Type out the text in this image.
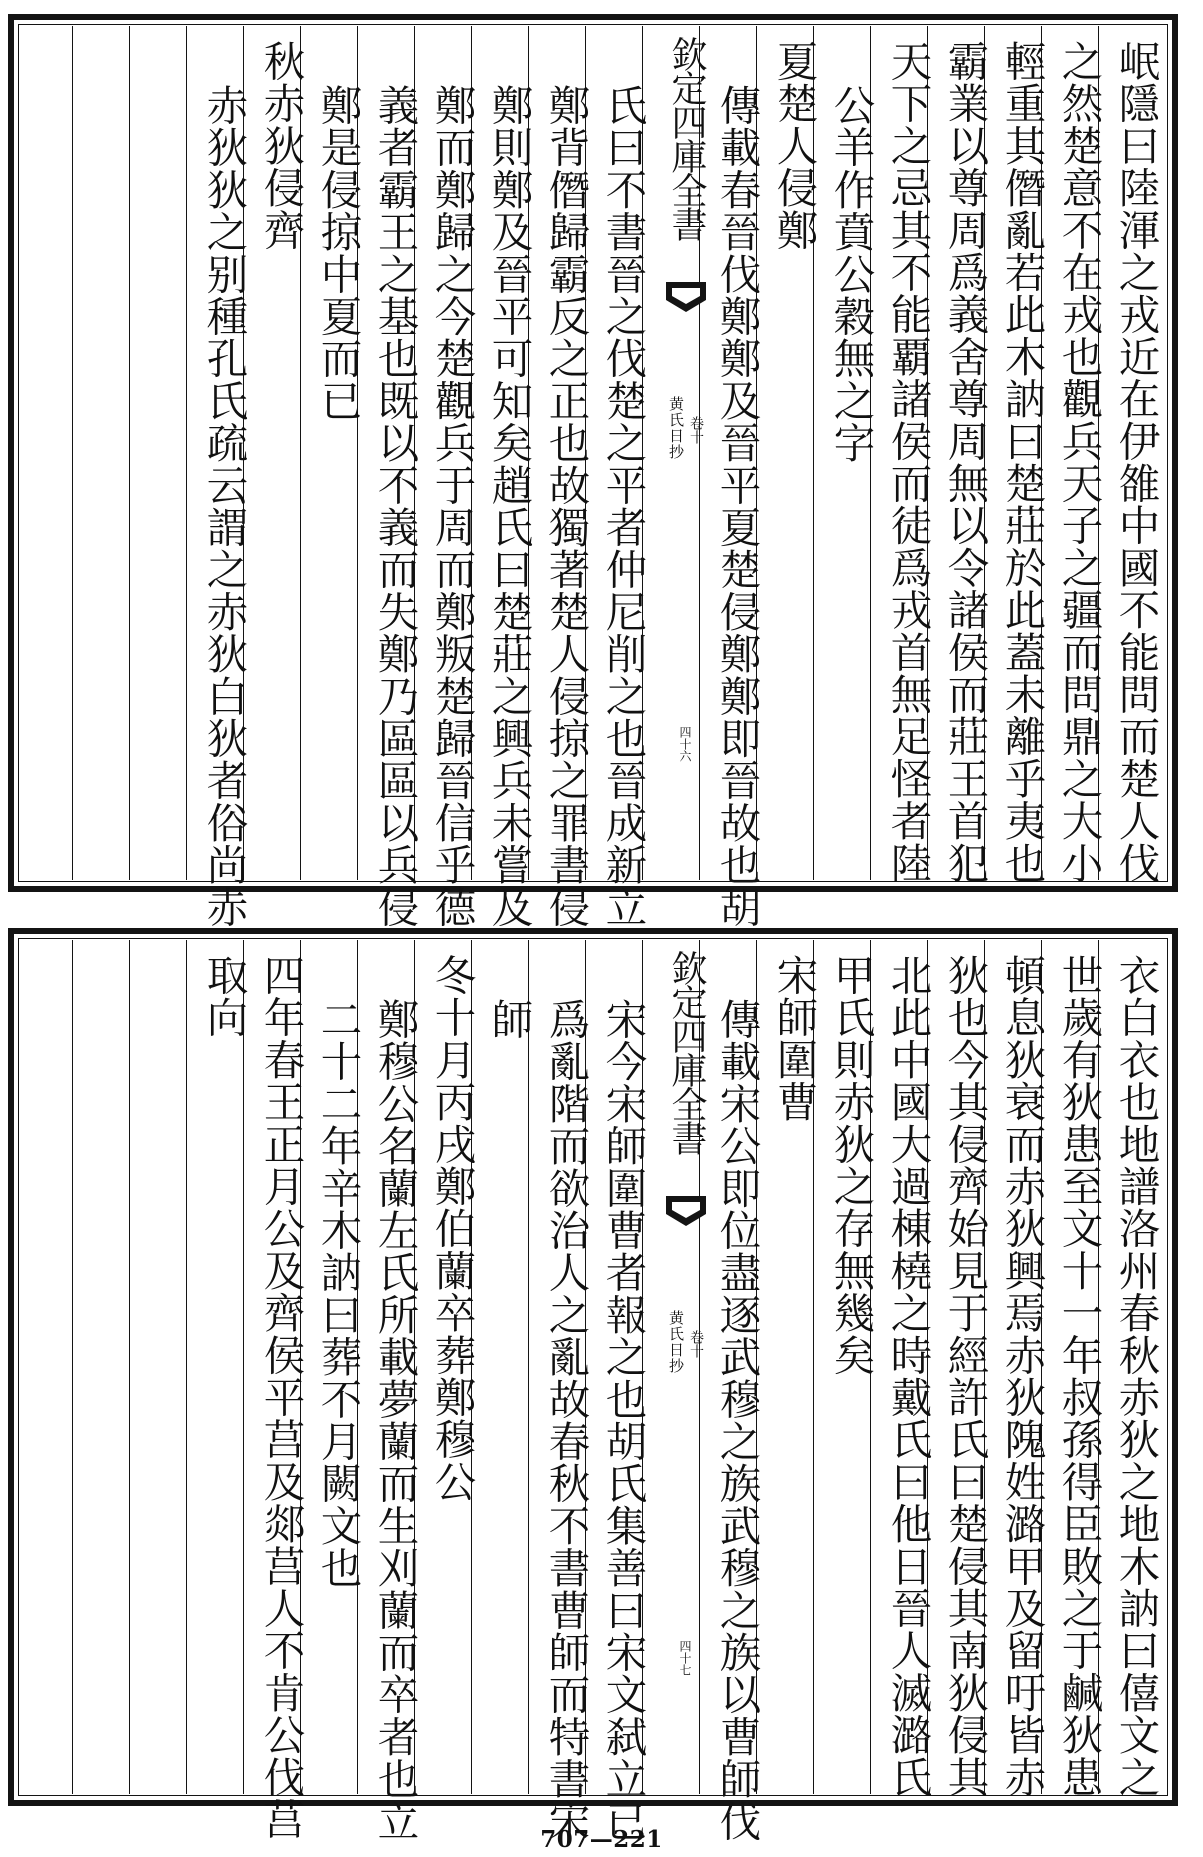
岷隱曰陸渾之戎近在伊雒中國不能問而楚人伐
之然楚意不在戎也觀兵天子之疆而問鼎之大小
輕重其僭亂若此木訥曰楚莊於此蓋未離乎夷也
霸業以尊周爲義舍尊周無以令諸侯而莊王首犯
天下之忌其不能覇諸侯而徒爲戎首無足怪者陸
公羊作賁公穀無之字
夏楚人侵鄭
傳載春晉伐鄭鄭及晉平夏楚侵鄭鄭即晉故也胡
欽定四庫全書
黄氏日抄 卷十
四十六
氏曰不書晉之伐楚之平者仲尼削之也晉成新立
鄭背僭歸霸反之正也故獨著楚人侵掠之罪書侵
鄭則鄭及晉平可知矣趙氏曰楚莊之興兵未嘗及
鄭而鄭歸之今楚觀兵于周而鄭叛楚歸晉信乎德
義者霸王之基也既以不義而失鄭乃區區以兵侵
鄭是侵掠中夏而已
秋赤狄侵齊
赤狄狄之别種孔氏疏云謂之赤狄白狄者俗尚赤
衣白衣也地譜洛州春秋赤狄之地木訥曰僖文之
世歲有狄患至文十一年叔孫得臣敗之于鹹狄患
頓息狄衰而赤狄興焉赤狄隗姓潞甲及留吁皆赤
狄也今其侵齊始見于經許氏曰楚侵其南狄侵其
北此中國大過棟橈之時戴氏曰他日晉人滅潞氏
甲氏則赤狄之存無幾矣
宋師圍曹
傳載宋公即位盡逐武穆之族武穆之族以曹師伐
欽定四庫全書
黄氏日抄 卷十
四十七
宋今宋師圍曹者報之也胡氏集善曰宋文弑立已
爲亂階而欲治人之亂故春秋不書曹師而特書宋
師
冬十月丙戌鄭伯蘭卒葬鄭穆公
鄭穆公名蘭左氏所載夢蘭而生刈蘭而卒者也立
二十二年辛木訥曰葬不月闕文也
四年春王正月公及齊侯平莒及郯莒人不肯公伐莒
取向
707—221
